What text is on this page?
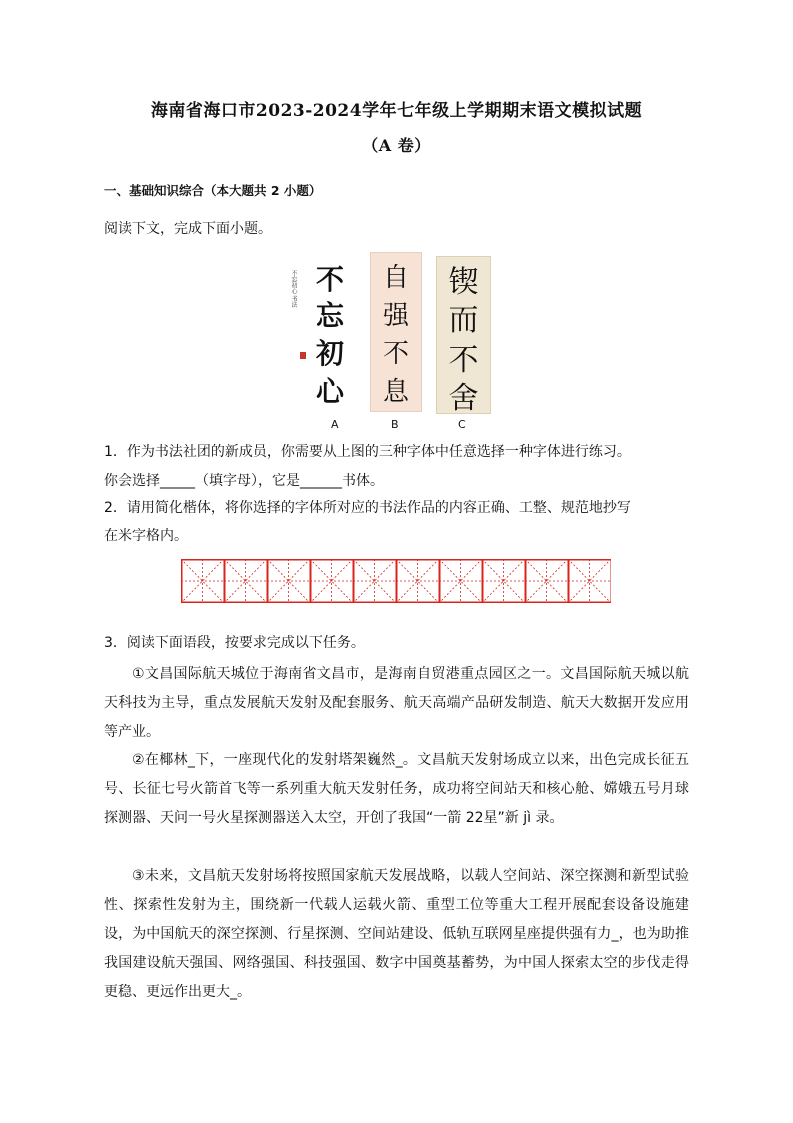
海南省海口市2023-2024学年七年级上学期期末语文模拟试题
（A 卷）
一、基础知识综合（本大题共 2 小题）
阅读下文，完成下面小题。
不忘初心 书法 不
忘
初
心
自
强
不
息
锲
而
不
舍
A	B	C
1．作为书法社团的新成员，你需要从上图的三种字体中任意选择一种字体进行练习。
你会选择_____（填字母），它是______书体。
2．请用简化楷体，将你选择的字体所对应的书法作品的内容正确、工整、规范地抄写
在米字格内。
3．阅读下面语段，按要求完成以下任务。
①文昌国际航天城位于海南省文昌市，是海南自贸港重点园区之一。文昌国际航天城以航天科技为主导，重点发展航天发射及配套服务、航天高端产品研发制造、航天大数据开发应用等产业。
②在椰林_下，一座现代化的发射塔架巍然_。文昌航天发射场成立以来，出色完成长征五号、长征七号火箭首飞等一系列重大航天发射任务，成功将空间站天和核心舱、嫦娥五号月球探测器、天问一号火星探测器送入太空，开创了我国“一箭 22星”新 jì 录。
③未来，文昌航天发射场将按照国家航天发展战略，以载人空间站、深空探测和新型试验性、探索性发射为主，围绕新一代载人运载火箭、重型工位等重大工程开展配套设备设施建设，为中国航天的深空探测、行星探测、空间站建设、低轨互联网星座提供强有力_，也为助推我国建设航天强国、网络强国、科技强国、数字中国奠基蓄势，为中国人探索太空的步伐走得更稳、更远作出更大_。
